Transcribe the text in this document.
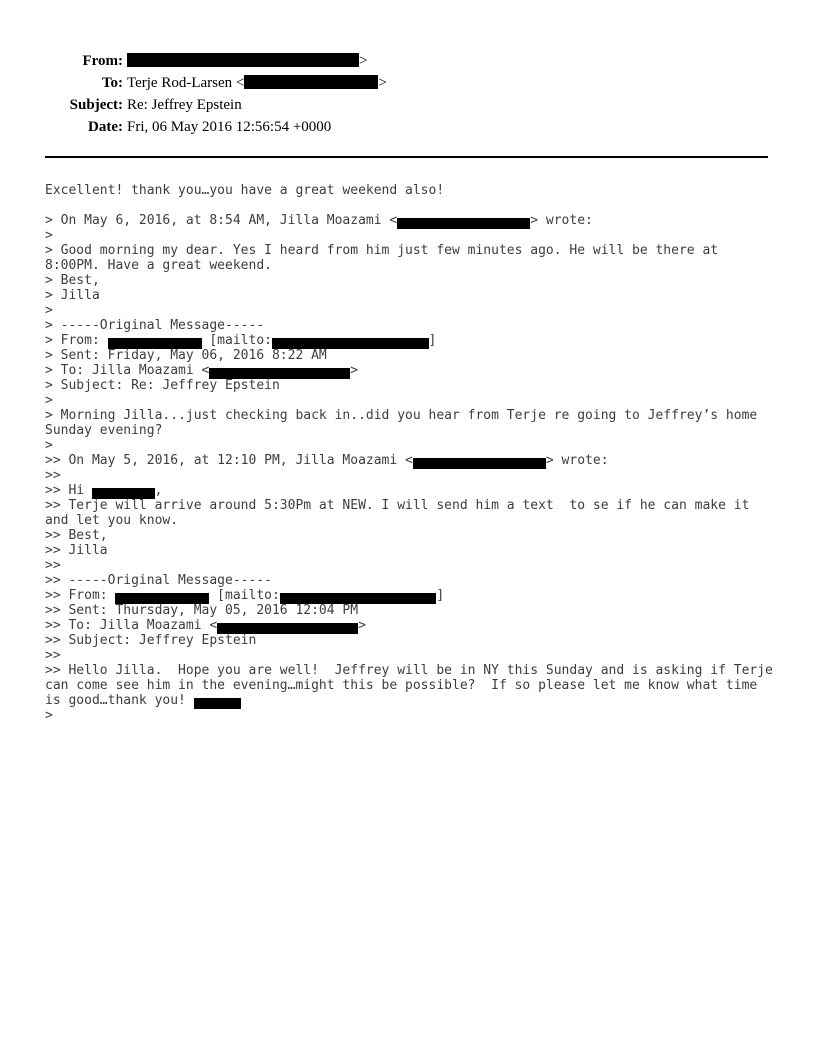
From:	>
To: Terje Rod-Larsen <	>
Subject: Re: Jeffrey Epstein
Date: Fri, 06 May 2016 12:56:54 +0000
Excellent! thank you…you have a great weekend also!
> On May 6, 2016, at 8:54 AM, Jilla Moazami <	> wrote:
>
> Good morning my dear. Yes I heard from him just few minutes ago. He will be there at
8:00PM. Have a great weekend.
> Best,
> Jilla
>
> -----Original Message-----
> From:	[mailto:	]
> Sent: Friday, May 06, 2016 8:22 AM
> To: Jilla Moazami <	>
> Subject: Re: Jeffrey Epstein
>
> Morning Jilla...just checking back in..did you hear from Terje re going to Jeffrey’s home
Sunday evening?
>
>> On May 5, 2016, at 12:10 PM, Jilla Moazami <	> wrote:
>>
>> Hi	,
>> Terje will arrive around 5:30Pm at NEW. I will send him a text  to se if he can make it
and let you know.
>> Best,
>> Jilla
>>
>> -----Original Message-----
>> From:	[mailto:	]
>> Sent: Thursday, May 05, 2016 12:04 PM
>> To: Jilla Moazami <	>
>> Subject: Jeffrey Epstein
>>
>> Hello Jilla.  Hope you are well!  Jeffrey will be in NY this Sunday and is asking if Terje
can come see him in the evening…might this be possible?  If so please let me know what time
is good…thank you!
>
